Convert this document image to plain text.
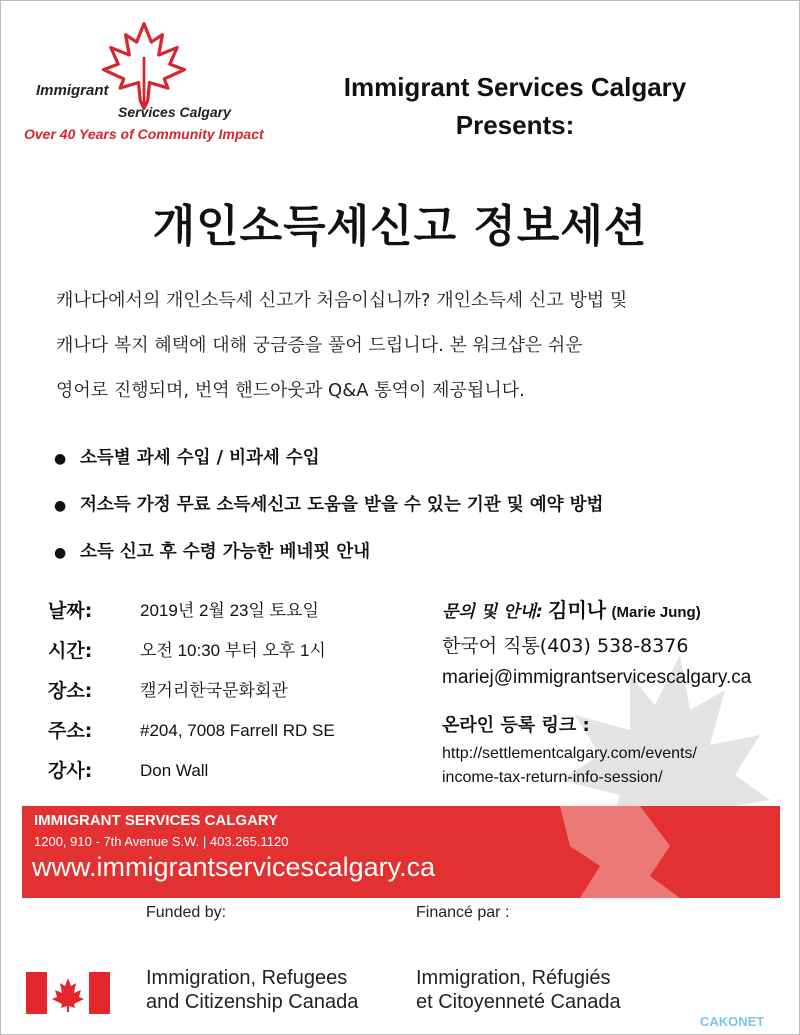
Immigrant
Services Calgary
Over 40 Years of Community Impact
Immigrant Services Calgary
Presents:
개인소득세신고 정보세션
캐나다에서의 개인소득세 신고가 처음이십니까? 개인소득세 신고 방법 및
캐나다 복지 혜택에 대해 궁금증을 풀어 드립니다. 본 워크샵은 쉬운
영어로 진행되며, 번역 핸드아웃과 Q&A 통역이 제공됩니다.
● 소득별 과세 수입 / 비과세 수입
● 저소득 가정 무료 소득세신고 도움을 받을 수 있는 기관 및 예약 방법
● 소득 신고 후 수령 가능한 베네핏 안내
날짜:	2019년 2월 23일 토요일
시간:	오전 10:30 부터 오후 1시
장소:	캘거리한국문화회관
주소:	#204, 7008 Farrell RD SE
강사:	Don Wall
문의 및 안내: 김미나 (Marie Jung)
한국어 직통(403) 538-8376
mariej@immigrantservicescalgary.ca
온라인 등록 링크 :
http://settlementcalgary.com/events/
income-tax-return-info-session/
IMMIGRANT SERVICES CALGARY
1200, 910 - 7th Avenue S.W. | 403.265.1120
www.immigrantservicescalgary.ca
Funded by:	Financé par :
Immigration, Refugees
and Citizenship Canada
Immigration, Réfugiés
et Citoyenneté Canada
CAKONET
